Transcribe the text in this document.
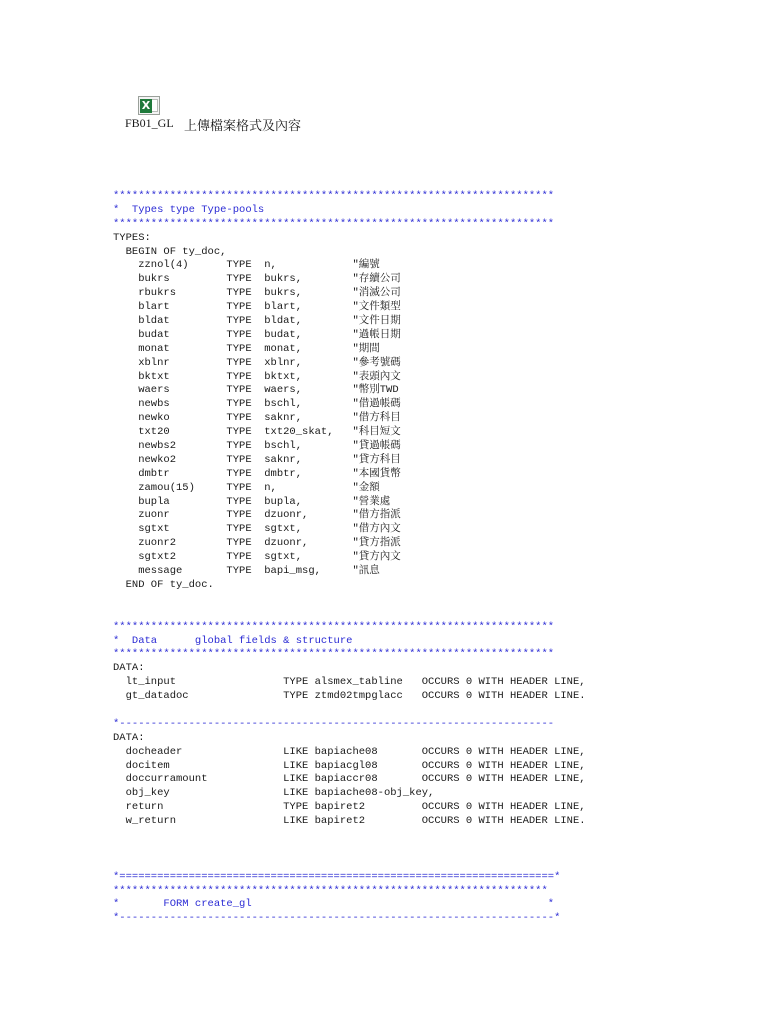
X
FB01_GL 上傳檔案格式及內容
**********************************************************************
*  Types type Type-pools
**********************************************************************
TYPES:
BEGIN OF ty_doc,
zznol(4)      TYPE  n,            "編號
bukrs         TYPE  bukrs,        "存續公司
rbukrs        TYPE  bukrs,        "消滅公司
blart         TYPE  blart,        "文件類型
bldat         TYPE  bldat,        "文件日期
budat         TYPE  budat,        "過帳日期
monat         TYPE  monat,        "期間
xblnr         TYPE  xblnr,        "參考號碼
bktxt         TYPE  bktxt,        "表頭內文
waers         TYPE  waers,        "幣別TWD
newbs         TYPE  bschl,        "借過帳碼
newko         TYPE  saknr,        "借方科目
txt20         TYPE  txt20_skat,   "科目短文
newbs2        TYPE  bschl,        "貸過帳碼
newko2        TYPE  saknr,        "貸方科目
dmbtr         TYPE  dmbtr,        "本國貨幣
zamou(15)     TYPE  n,            "金額
bupla         TYPE  bupla,        "營業處
zuonr         TYPE  dzuonr,       "借方指派
sgtxt         TYPE  sgtxt,        "借方內文
zuonr2        TYPE  dzuonr,       "貸方指派
sgtxt2        TYPE  sgtxt,        "貸方內文
message       TYPE  bapi_msg,     "訊息
END OF ty_doc.
**********************************************************************
*  Data      global fields & structure
**********************************************************************
DATA:
lt_input                 TYPE alsmex_tabline   OCCURS 0 WITH HEADER LINE,
gt_datadoc               TYPE ztmd02tmpglacc   OCCURS 0 WITH HEADER LINE.
*---------------------------------------------------------------------
DATA:
docheader                LIKE bapiache08       OCCURS 0 WITH HEADER LINE,
docitem                  LIKE bapiacgl08       OCCURS 0 WITH HEADER LINE,
doccurramount            LIKE bapiaccr08       OCCURS 0 WITH HEADER LINE,
obj_key                  LIKE bapiache08-obj_key,
return                   TYPE bapiret2         OCCURS 0 WITH HEADER LINE,
w_return                 LIKE bapiret2         OCCURS 0 WITH HEADER LINE.
*=====================================================================*
*********************************************************************
*       FORM create_gl                                               *
*---------------------------------------------------------------------*
